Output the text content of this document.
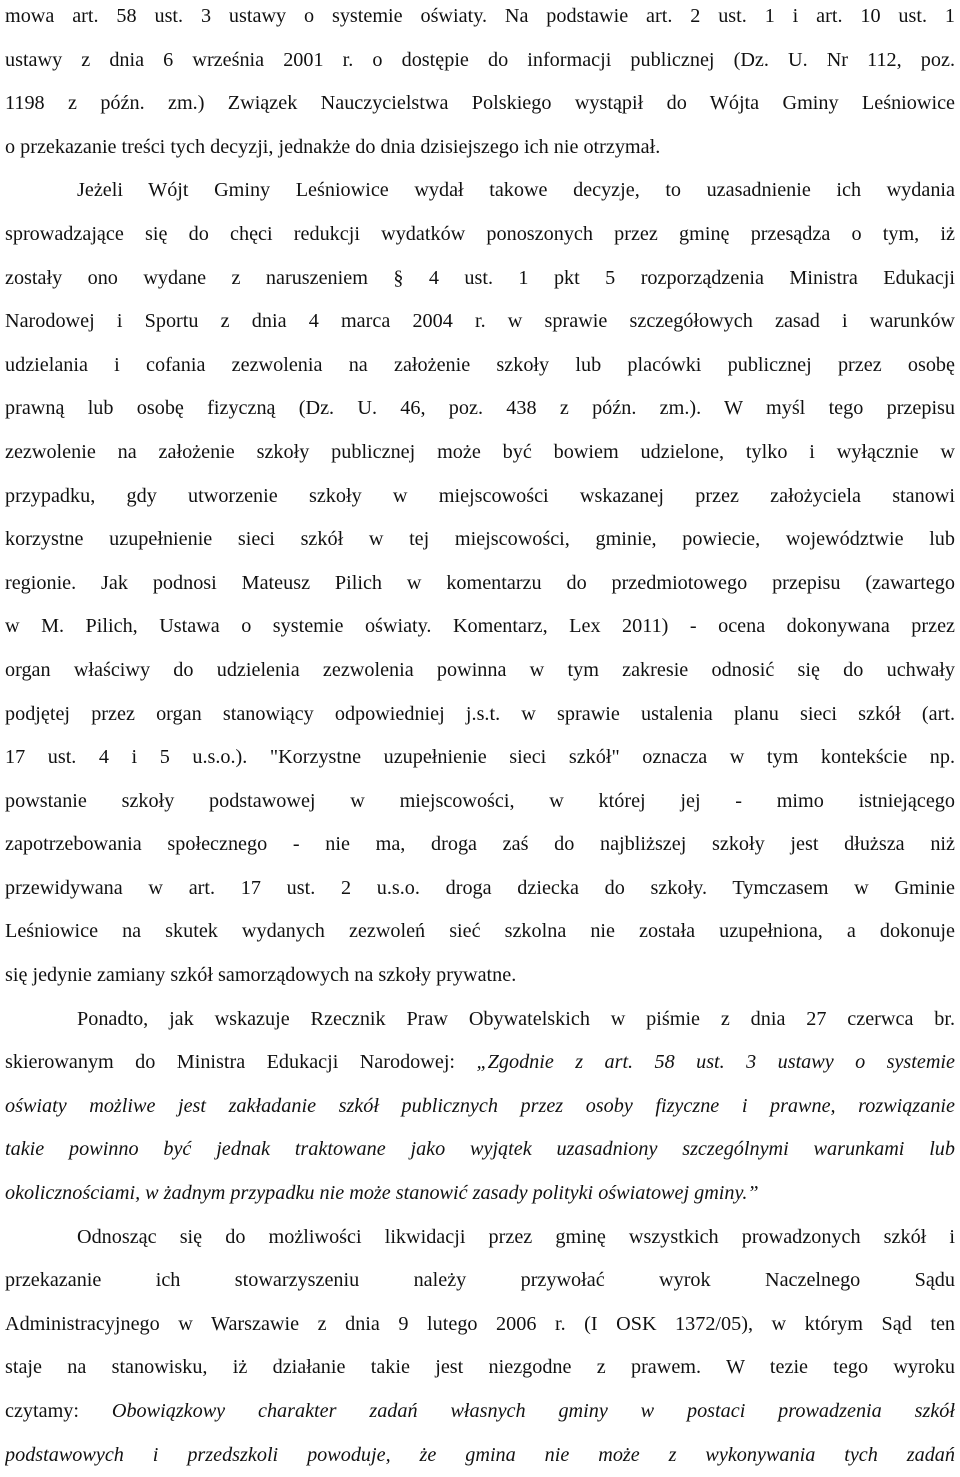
mowa art. 58 ust. 3 ustawy o systemie oświaty. Na podstawie art. 2 ust. 1 i art. 10 ust. 1
ustawy z dnia 6 września 2001 r. o dostępie do informacji publicznej (Dz. U. Nr 112, poz.
1198 z późn. zm.) Związek Nauczycielstwa Polskiego wystąpił do Wójta Gminy Leśniowice
o przekazanie treści tych decyzji, jednakże do dnia dzisiejszego ich nie otrzymał.
Jeżeli Wójt Gminy Leśniowice wydał takowe decyzje, to uzasadnienie ich wydania
sprowadzające się do chęci redukcji wydatków ponoszonych przez gminę przesądza o tym, iż
zostały ono wydane z naruszeniem § 4 ust. 1 pkt 5 rozporządzenia Ministra Edukacji
Narodowej i Sportu z dnia 4 marca 2004 r. w sprawie szczegółowych zasad i warunków
udzielania i cofania zezwolenia na założenie szkoły lub placówki publicznej przez osobę
prawną lub osobę fizyczną (Dz. U. 46, poz. 438 z późn. zm.). W myśl tego przepisu
zezwolenie na założenie szkoły publicznej może być bowiem udzielone, tylko i wyłącznie w
przypadku, gdy utworzenie szkoły w miejscowości wskazanej przez założyciela stanowi
korzystne uzupełnienie sieci szkół w tej miejscowości, gminie, powiecie, województwie lub
regionie. Jak podnosi Mateusz Pilich w komentarzu do przedmiotowego przepisu (zawartego
w M. Pilich, Ustawa o systemie oświaty. Komentarz, Lex 2011) - ocena dokonywana przez
organ właściwy do udzielenia zezwolenia powinna w tym zakresie odnosić się do uchwały
podjętej przez organ stanowiący odpowiedniej j.s.t. w sprawie ustalenia planu sieci szkół (art.
17 ust. 4 i 5 u.s.o.). "Korzystne uzupełnienie sieci szkół" oznacza w tym kontekście np.
powstanie szkoły podstawowej w miejscowości, w której jej - mimo istniejącego
zapotrzebowania społecznego - nie ma, droga zaś do najbliższej szkoły jest dłuższa niż
przewidywana w art. 17 ust. 2 u.s.o. droga dziecka do szkoły. Tymczasem w Gminie
Leśniowice na skutek wydanych zezwoleń sieć szkolna nie została uzupełniona, a dokonuje
się jedynie zamiany szkół samorządowych na szkoły prywatne.
Ponadto, jak wskazuje Rzecznik Praw Obywatelskich w piśmie z dnia 27 czerwca br.
skierowanym do Ministra Edukacji Narodowej: „Zgodnie z art. 58 ust. 3 ustawy o systemie
oświaty możliwe jest zakładanie szkół publicznych przez osoby fizyczne i prawne, rozwiązanie
takie powinno być jednak traktowane jako wyjątek uzasadniony szczególnymi warunkami lub
okolicznościami, w żadnym przypadku nie może stanowić zasady polityki oświatowej gminy.”
Odnosząc się do możliwości likwidacji przez gminę wszystkich prowadzonych szkół i
przekazanie ich stowarzyszeniu należy przywołać wyrok Naczelnego Sądu
Administracyjnego w Warszawie z dnia 9 lutego 2006 r. (I OSK 1372/05), w którym Sąd ten
staje na stanowisku, iż działanie takie jest niezgodne z prawem. W tezie tego wyroku
czytamy: Obowiązkowy charakter zadań własnych gminy w postaci prowadzenia szkół
podstawowych i przedszkoli powoduje, że gmina nie może z wykonywania tych zadań
